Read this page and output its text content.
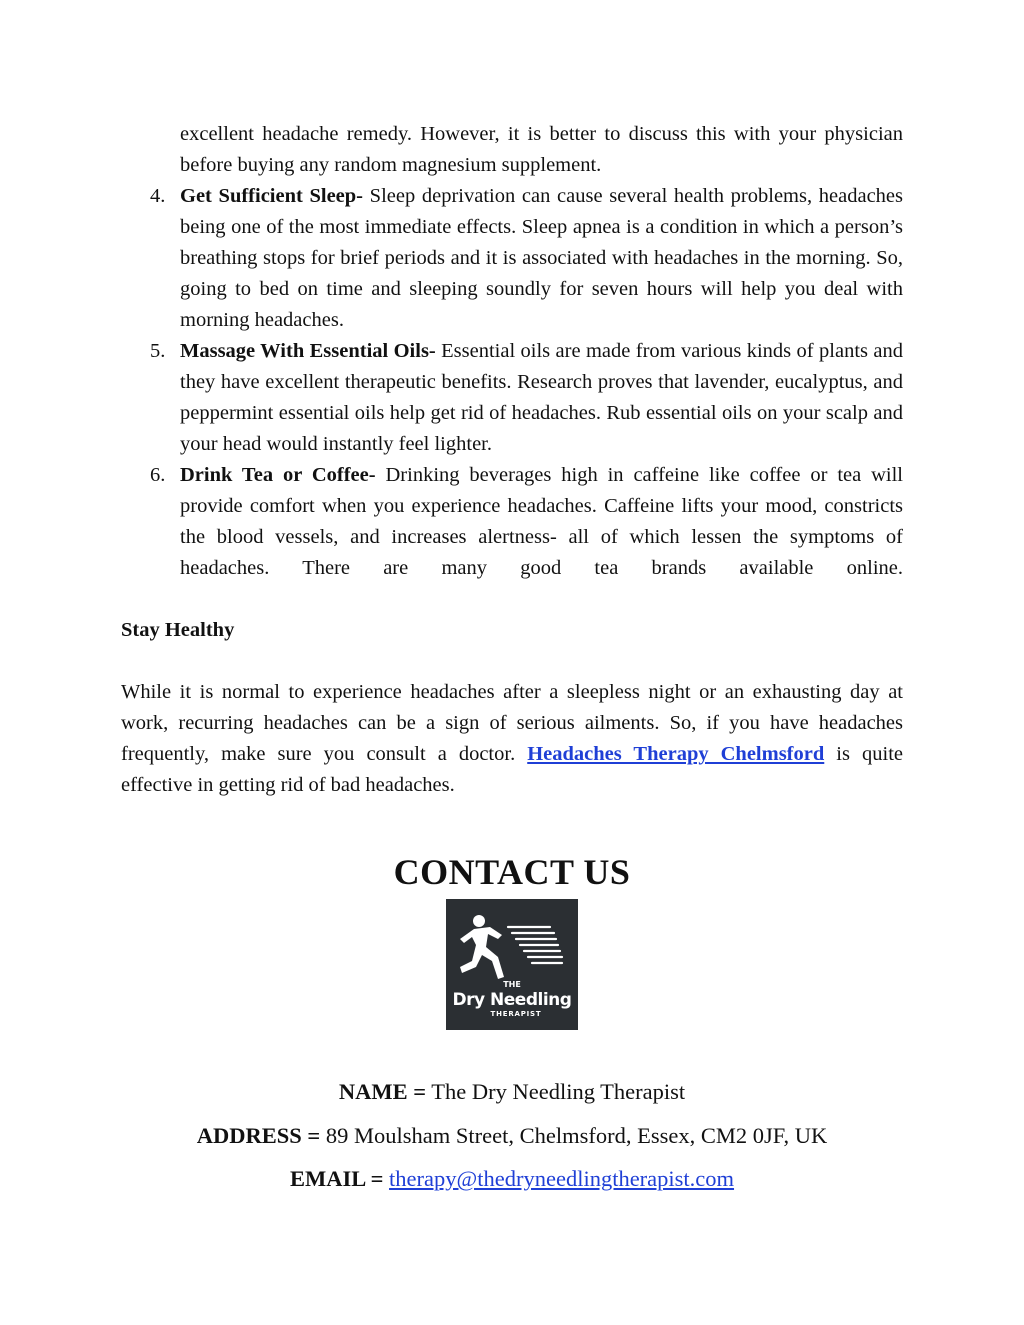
excellent headache remedy. However, it is better to discuss this with your physician before buying any random magnesium supplement.
4. Get Sufficient Sleep- Sleep deprivation can cause several health problems, headaches being one of the most immediate effects. Sleep apnea is a condition in which a person’s breathing stops for brief periods and it is associated with headaches in the morning. So, going to bed on time and sleeping soundly for seven hours will help you deal with morning headaches.
5. Massage With Essential Oils- Essential oils are made from various kinds of plants and they have excellent therapeutic benefits. Research proves that lavender, eucalyptus, and peppermint essential oils help get rid of headaches. Rub essential oils on your scalp and your head would instantly feel lighter.
6. Drink Tea or Coffee- Drinking beverages high in caffeine like coffee or tea will provide comfort when you experience headaches. Caffeine lifts your mood, constricts the blood vessels, and increases alertness- all of which lessen the symptoms of headaches. There are many good tea brands available online.
Stay Healthy
While it is normal to experience headaches after a sleepless night or an exhausting day at work, recurring headaches can be a sign of serious ailments. So, if you have headaches frequently, make sure you consult a doctor. Headaches Therapy Chelmsford is quite effective in getting rid of bad headaches.
CONTACT US
THE
Dry Needling
THERAPIST
NAME = The Dry Needling Therapist
ADDRESS = 89 Moulsham Street, Chelmsford, Essex, CM2 0JF, UK
EMAIL = therapy@thedryneedlingtherapist.com
